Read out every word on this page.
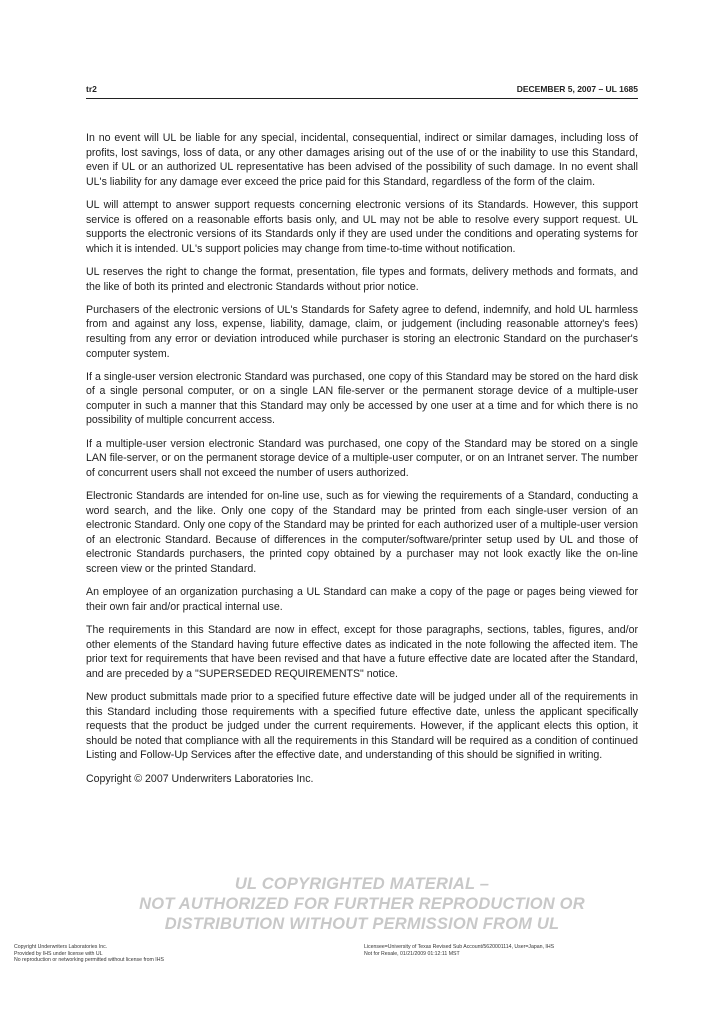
tr2	DECEMBER 5, 2007 – UL 1685

In no event will UL be liable for any special, incidental, consequential, indirect or similar damages, including loss of profits, lost savings, loss of data, or any other damages arising out of the use of or the inability to use this Standard, even if UL or an authorized UL representative has been advised of the possibility of such damage. In no event shall UL's liability for any damage ever exceed the price paid for this Standard, regardless of the form of the claim.

UL will attempt to answer support requests concerning electronic versions of its Standards. However, this support service is offered on a reasonable efforts basis only, and UL may not be able to resolve every support request. UL supports the electronic versions of its Standards only if they are used under the conditions and operating systems for which it is intended. UL's support policies may change from time-to-time without notification.

UL reserves the right to change the format, presentation, file types and formats, delivery methods and formats, and the like of both its printed and electronic Standards without prior notice.

Purchasers of the electronic versions of UL's Standards for Safety agree to defend, indemnify, and hold UL harmless from and against any loss, expense, liability, damage, claim, or judgement (including reasonable attorney's fees) resulting from any error or deviation introduced while purchaser is storing an electronic Standard on the purchaser's computer system.

If a single-user version electronic Standard was purchased, one copy of this Standard may be stored on the hard disk of a single personal computer, or on a single LAN file-server or the permanent storage device of a multiple-user computer in such a manner that this Standard may only be accessed by one user at a time and for which there is no possibility of multiple concurrent access.

If a multiple-user version electronic Standard was purchased, one copy of the Standard may be stored on a single LAN file-server, or on the permanent storage device of a multiple-user computer, or on an Intranet server. The number of concurrent users shall not exceed the number of users authorized.

Electronic Standards are intended for on-line use, such as for viewing the requirements of a Standard, conducting a word search, and the like. Only one copy of the Standard may be printed from each single-user version of an electronic Standard. Only one copy of the Standard may be printed for each authorized user of a multiple-user version of an electronic Standard. Because of differences in the computer/software/printer setup used by UL and those of electronic Standards purchasers, the printed copy obtained by a purchaser may not look exactly like the on-line screen view or the printed Standard.

An employee of an organization purchasing a UL Standard can make a copy of the page or pages being viewed for their own fair and/or practical internal use.

The requirements in this Standard are now in effect, except for those paragraphs, sections, tables, figures, and/or other elements of the Standard having future effective dates as indicated in the note following the affected item. The prior text for requirements that have been revised and that have a future effective date are located after the Standard, and are preceded by a "SUPERSEDED REQUIREMENTS" notice.

New product submittals made prior to a specified future effective date will be judged under all of the requirements in this Standard including those requirements with a specified future effective date, unless the applicant specifically requests that the product be judged under the current requirements. However, if the applicant elects this option, it should be noted that compliance with all the requirements in this Standard will be required as a condition of continued Listing and Follow-Up Services after the effective date, and understanding of this should be signified in writing.

Copyright © 2007 Underwriters Laboratories Inc.

UL COPYRIGHTED MATERIAL –
NOT AUTHORIZED FOR FURTHER REPRODUCTION OR
DISTRIBUTION WITHOUT PERMISSION FROM UL
Copyright Underwriters Laboratories Inc.
Provided by IHS under license with UL
No reproduction or networking permitted without license from IHS
Licensee=University of Texas Revised Sub Account/5620001114, User=Japan, IHS
Not for Resale, 01/21/2009 01:12:11 MST
